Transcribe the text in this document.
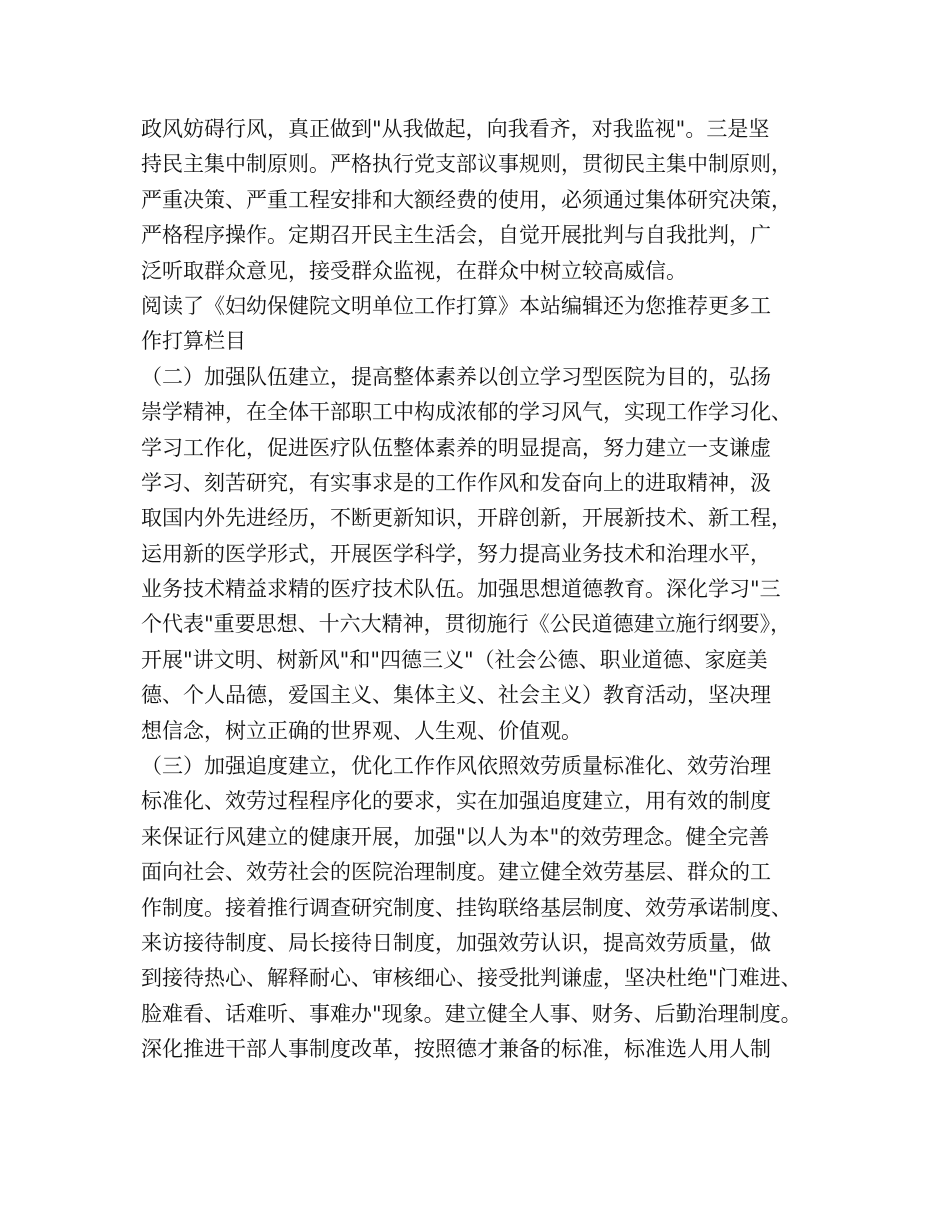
政风妨碍行风，真正做到"从我做起，向我看齐，对我监视"。三是坚
持民主集中制原则。严格执行党支部议事规则，贯彻民主集中制原则，
严重决策、严重工程安排和大额经费的使用，必须通过集体研究决策，
严格程序操作。定期召开民主生活会，自觉开展批判与自我批判，广
泛听取群众意见，接受群众监视，在群众中树立较高威信。
阅读了《妇幼保健院文明单位工作打算》本站编辑还为您推荐更多工
作打算栏目
（二）加强队伍建立，提高整体素养以创立学习型医院为目的，弘扬
崇学精神，在全体干部职工中构成浓郁的学习风气，实现工作学习化、
学习工作化，促进医疗队伍整体素养的明显提高，努力建立一支谦虚
学习、刻苦研究，有实事求是的工作作风和发奋向上的进取精神，汲
取国内外先进经历，不断更新知识，开辟创新，开展新技术、新工程，
运用新的医学形式，开展医学科学，努力提高业务技术和治理水平，
业务技术精益求精的医疗技术队伍。加强思想道德教育。深化学习"三
个代表"重要思想、十六大精神，贯彻施行《公民道德建立施行纲要》，
开展"讲文明、树新风"和"四德三义"（社会公德、职业道德、家庭美
德、个人品德，爱国主义、集体主义、社会主义）教育活动，坚决理
想信念，树立正确的世界观、人生观、价值观。
（三）加强追度建立，优化工作作风依照效劳质量标准化、效劳治理
标准化、效劳过程程序化的要求，实在加强追度建立，用有效的制度
来保证行风建立的健康开展，加强"以人为本"的效劳理念。健全完善
面向社会、效劳社会的医院治理制度。建立健全效劳基层、群众的工
作制度。接着推行调查研究制度、挂钩联络基层制度、效劳承诺制度、
来访接待制度、局长接待日制度，加强效劳认识，提高效劳质量，做
到接待热心、解释耐心、审核细心、接受批判谦虚，坚决杜绝"门难进、
脸难看、话难听、事难办"现象。建立健全人事、财务、后勤治理制度。
深化推进干部人事制度改革，按照德才兼备的标准，标准选人用人制
